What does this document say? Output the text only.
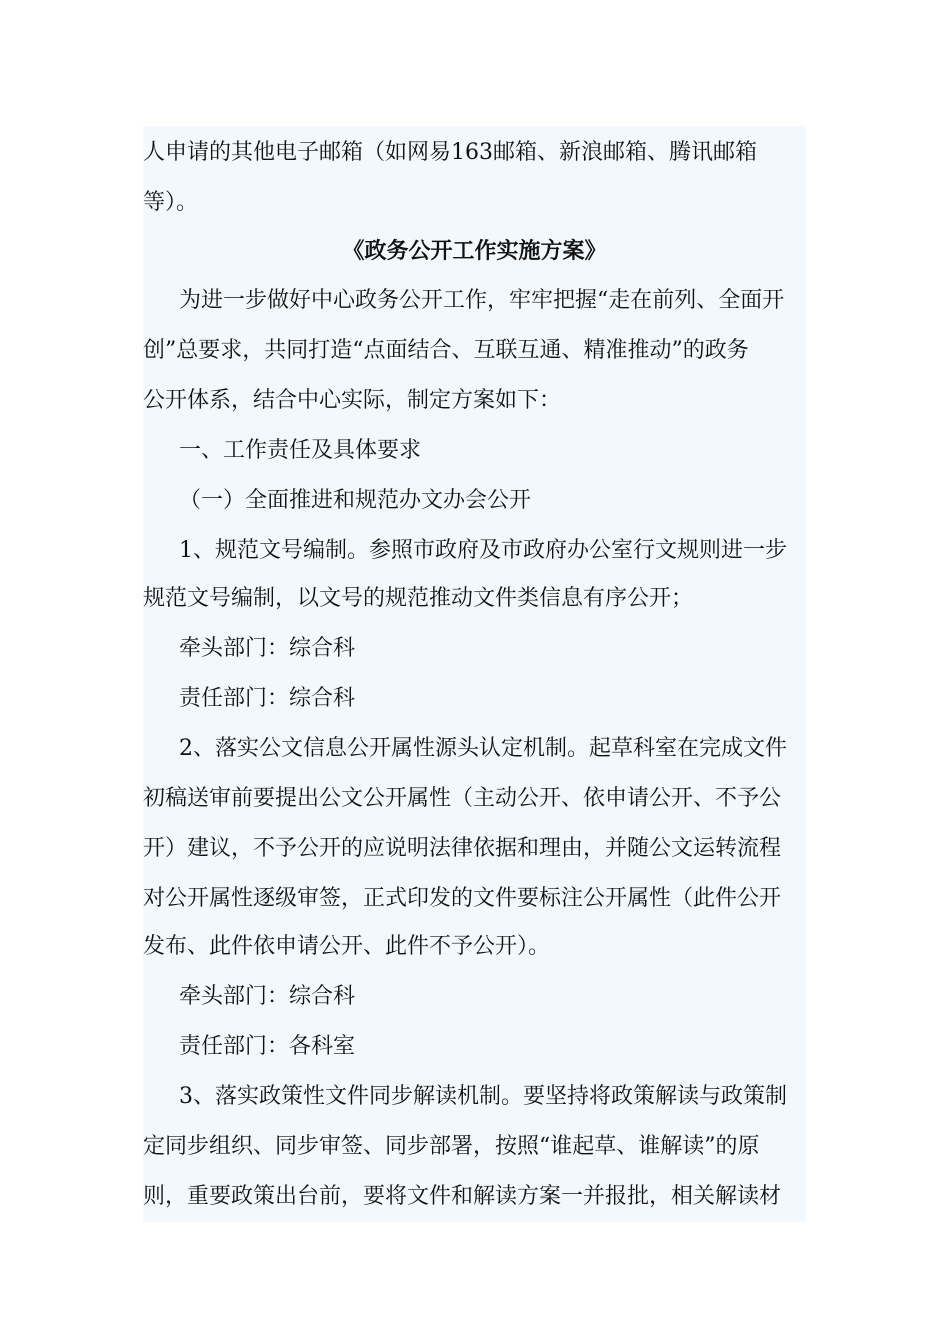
人申请的其他电子邮箱（如网易163邮箱、新浪邮箱、腾讯邮箱
等）。
《政务公开工作实施方案》
为进一步做好中心政务公开工作，牢牢把握“走在前列、全面开
创”总要求，共同打造“点面结合、互联互通、精准推动”的政务
公开体系，结合中心实际，制定方案如下：
一、工作责任及具体要求
（一）全面推进和规范办文办会公开
1、规范文号编制。参照市政府及市政府办公室行文规则进一步
规范文号编制，以文号的规范推动文件类信息有序公开；
牵头部门：综合科
责任部门：综合科
2、落实公文信息公开属性源头认定机制。起草科室在完成文件
初稿送审前要提出公文公开属性（主动公开、依申请公开、不予公
开）建议，不予公开的应说明法律依据和理由，并随公文运转流程
对公开属性逐级审签，正式印发的文件要标注公开属性（此件公开
发布、此件依申请公开、此件不予公开）。
牵头部门：综合科
责任部门：各科室
3、落实政策性文件同步解读机制。要坚持将政策解读与政策制
定同步组织、同步审签、同步部署，按照“谁起草、谁解读”的原
则，重要政策出台前，要将文件和解读方案一并报批，相关解读材
